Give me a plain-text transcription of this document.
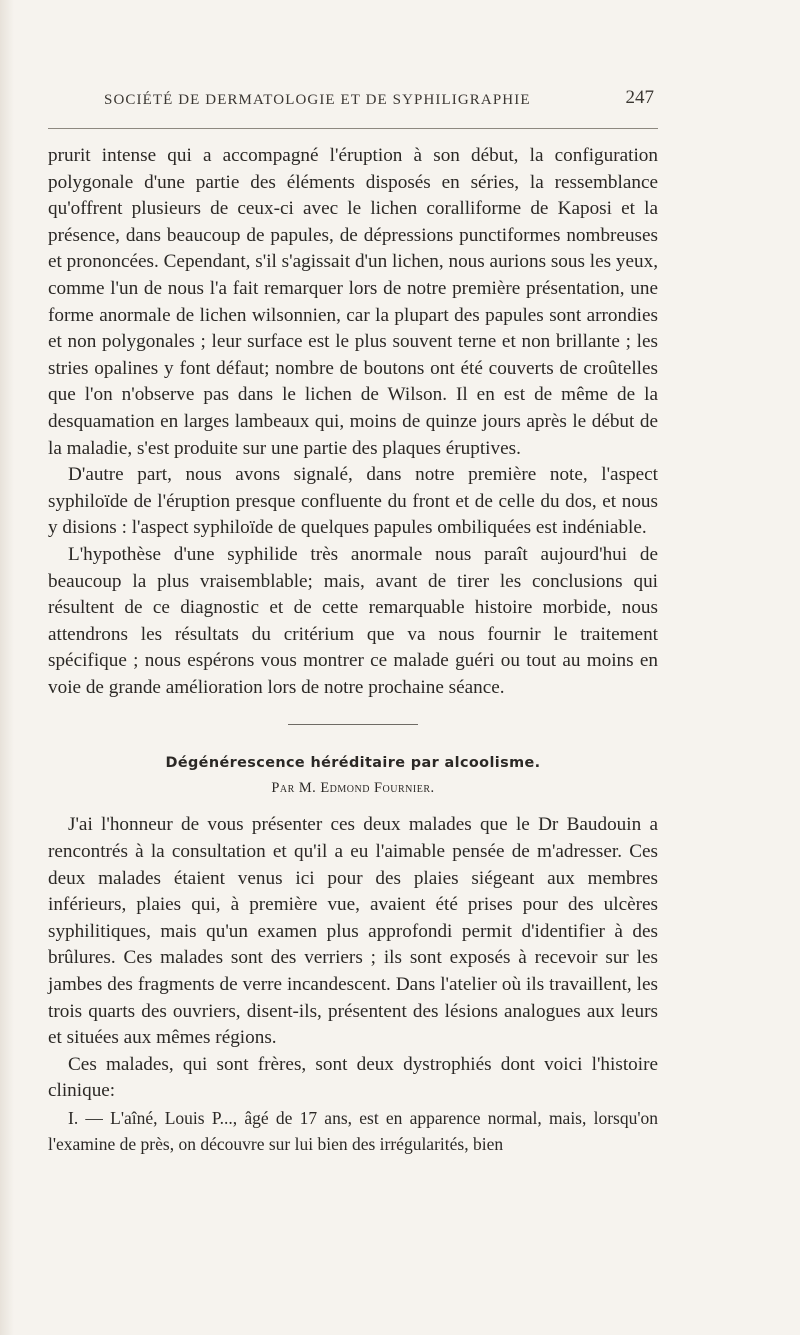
SOCIÉTÉ DE DERMATOLOGIE ET DE SYPHILIGRAPHIE	247

prurit intense qui a accompagné l'éruption à son début, la configuration polygonale d'une partie des éléments disposés en séries, la ressemblance qu'offrent plusieurs de ceux-ci avec le lichen coralliforme de Kaposi et la présence, dans beaucoup de papules, de dépressions punctiformes nombreuses et prononcées. Cependant, s'il s'agissait d'un lichen, nous aurions sous les yeux, comme l'un de nous l'a fait remarquer lors de notre première présentation, une forme anormale de lichen wilsonnien, car la plupart des papules sont arrondies et non polygonales ; leur surface est le plus souvent terne et non brillante ; les stries opalines y font défaut; nombre de boutons ont été couverts de croûtelles que l'on n'observe pas dans le lichen de Wilson. Il en est de même de la desquamation en larges lambeaux qui, moins de quinze jours après le début de la maladie, s'est produite sur une partie des plaques éruptives.

D'autre part, nous avons signalé, dans notre première note, l'aspect syphiloïde de l'éruption presque confluente du front et de celle du dos, et nous y disions : l'aspect syphiloïde de quelques papules ombiliquées est indéniable.

L'hypothèse d'une syphilide très anormale nous paraît aujourd'hui de beaucoup la plus vraisemblable; mais, avant de tirer les conclusions qui résultent de ce diagnostic et de cette remarquable histoire morbide, nous attendrons les résultats du critérium que va nous fournir le traitement spécifique ; nous espérons vous montrer ce malade guéri ou tout au moins en voie de grande amélioration lors de notre prochaine séance.

Dégénérescence héréditaire par alcoolisme.
Par M. Edmond Fournier.

J'ai l'honneur de vous présenter ces deux malades que le Dr Baudouin a rencontrés à la consultation et qu'il a eu l'aimable pensée de m'adresser. Ces deux malades étaient venus ici pour des plaies siégeant aux membres inférieurs, plaies qui, à première vue, avaient été prises pour des ulcères syphilitiques, mais qu'un examen plus approfondi permit d'identifier à des brûlures. Ces malades sont des verriers ; ils sont exposés à recevoir sur les jambes des fragments de verre incandescent. Dans l'atelier où ils travaillent, les trois quarts des ouvriers, disent-ils, présentent des lésions analogues aux leurs et situées aux mêmes régions.

Ces malades, qui sont frères, sont deux dystrophiés dont voici l'histoire clinique:

I. — L'aîné, Louis P..., âgé de 17 ans, est en apparence normal, mais, lorsqu'on l'examine de près, on découvre sur lui bien des irrégularités, bien
